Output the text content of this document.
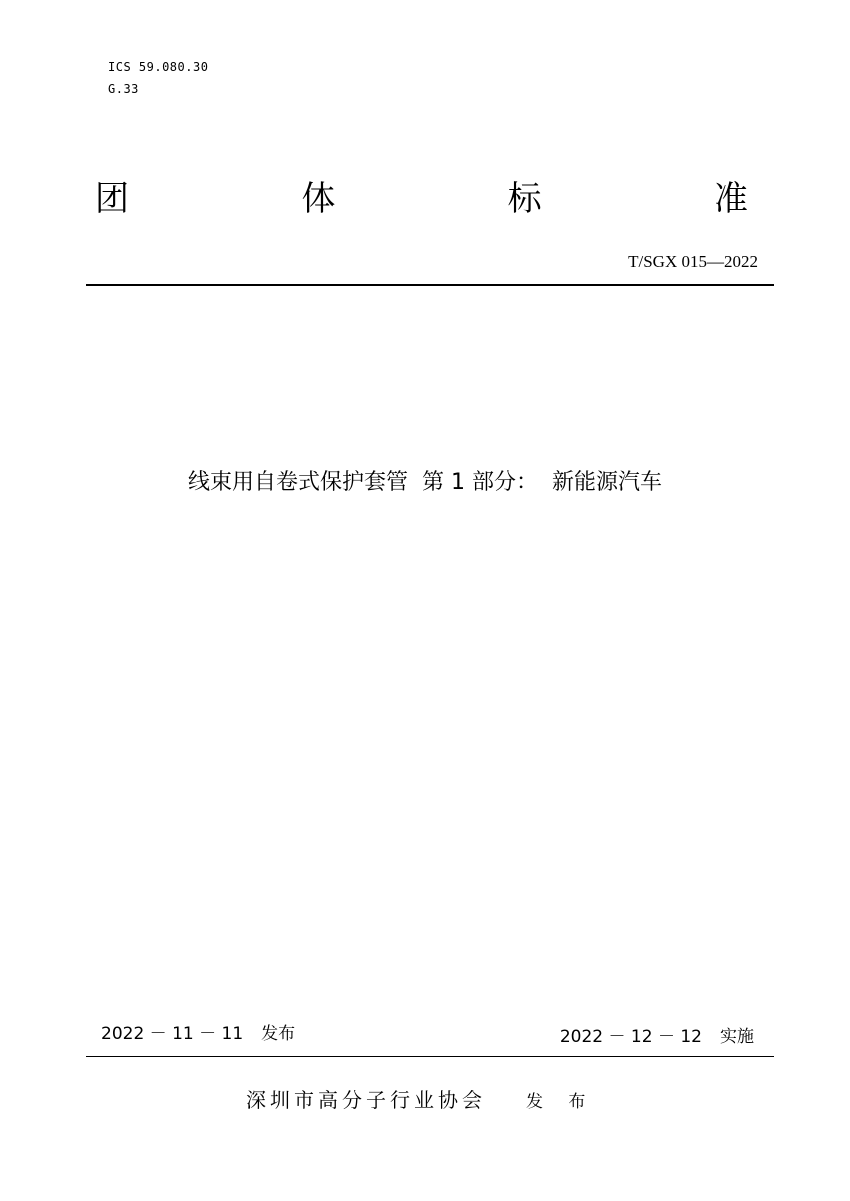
ICS 59.080.30
G.33
团	体	标	准
T/SGX 015—2022
线束用自卷式保护套管 第 1 部分： 新能源汽车
2022 － 11 － 11 发布	2022 － 12 － 12 实施
深圳市高分子行业协会 发 布
